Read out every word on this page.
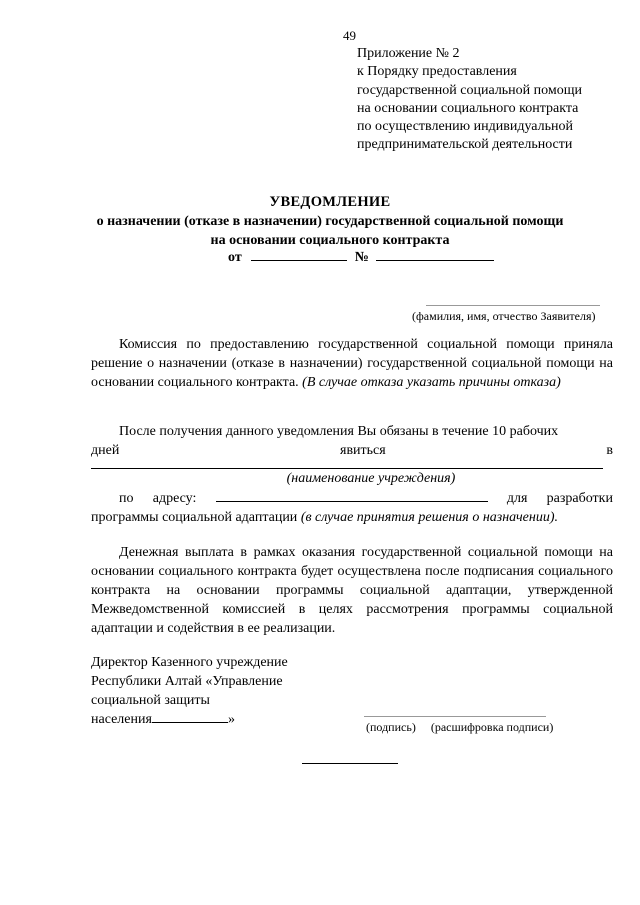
49
Приложение № 2
к Порядку предоставления
государственной социальной помощи
на основании социального контракта
по осуществлению индивидуальной
предпринимательской деятельности
УВЕДОМЛЕНИЕ
о назначении (отказе в назначении) государственной социальной помощи
на основании социального контракта
от	№
(фамилия, имя, отчество Заявителя)

Комиссия по предоставлению государственной социальной помощи приняла решение о назначении (отказе в назначении) государственной социальной помощи на основании социального контракта. (В случае отказа указать причины отказа)

После получения данного уведомления Вы обязаны в течение 10 рабочих

дней	явиться	в
(наименование учреждения)
по адресу:	для разработки

программы социальной адаптации (в случае принятия решения о назначении).

Денежная выплата в рамках оказания государственной социальной помощи на основании социального контракта будет осуществлена после подписания социального контракта на основании программы социальной адаптации, утвержденной Межведомственной комиссией в целях рассмотрения программы социальной адаптации и содействия в ее реализации.

Директор Казенного учреждение
Республики Алтай «Управление
социальной защиты
населения	»	(подпись) (расшифровка подписи)
